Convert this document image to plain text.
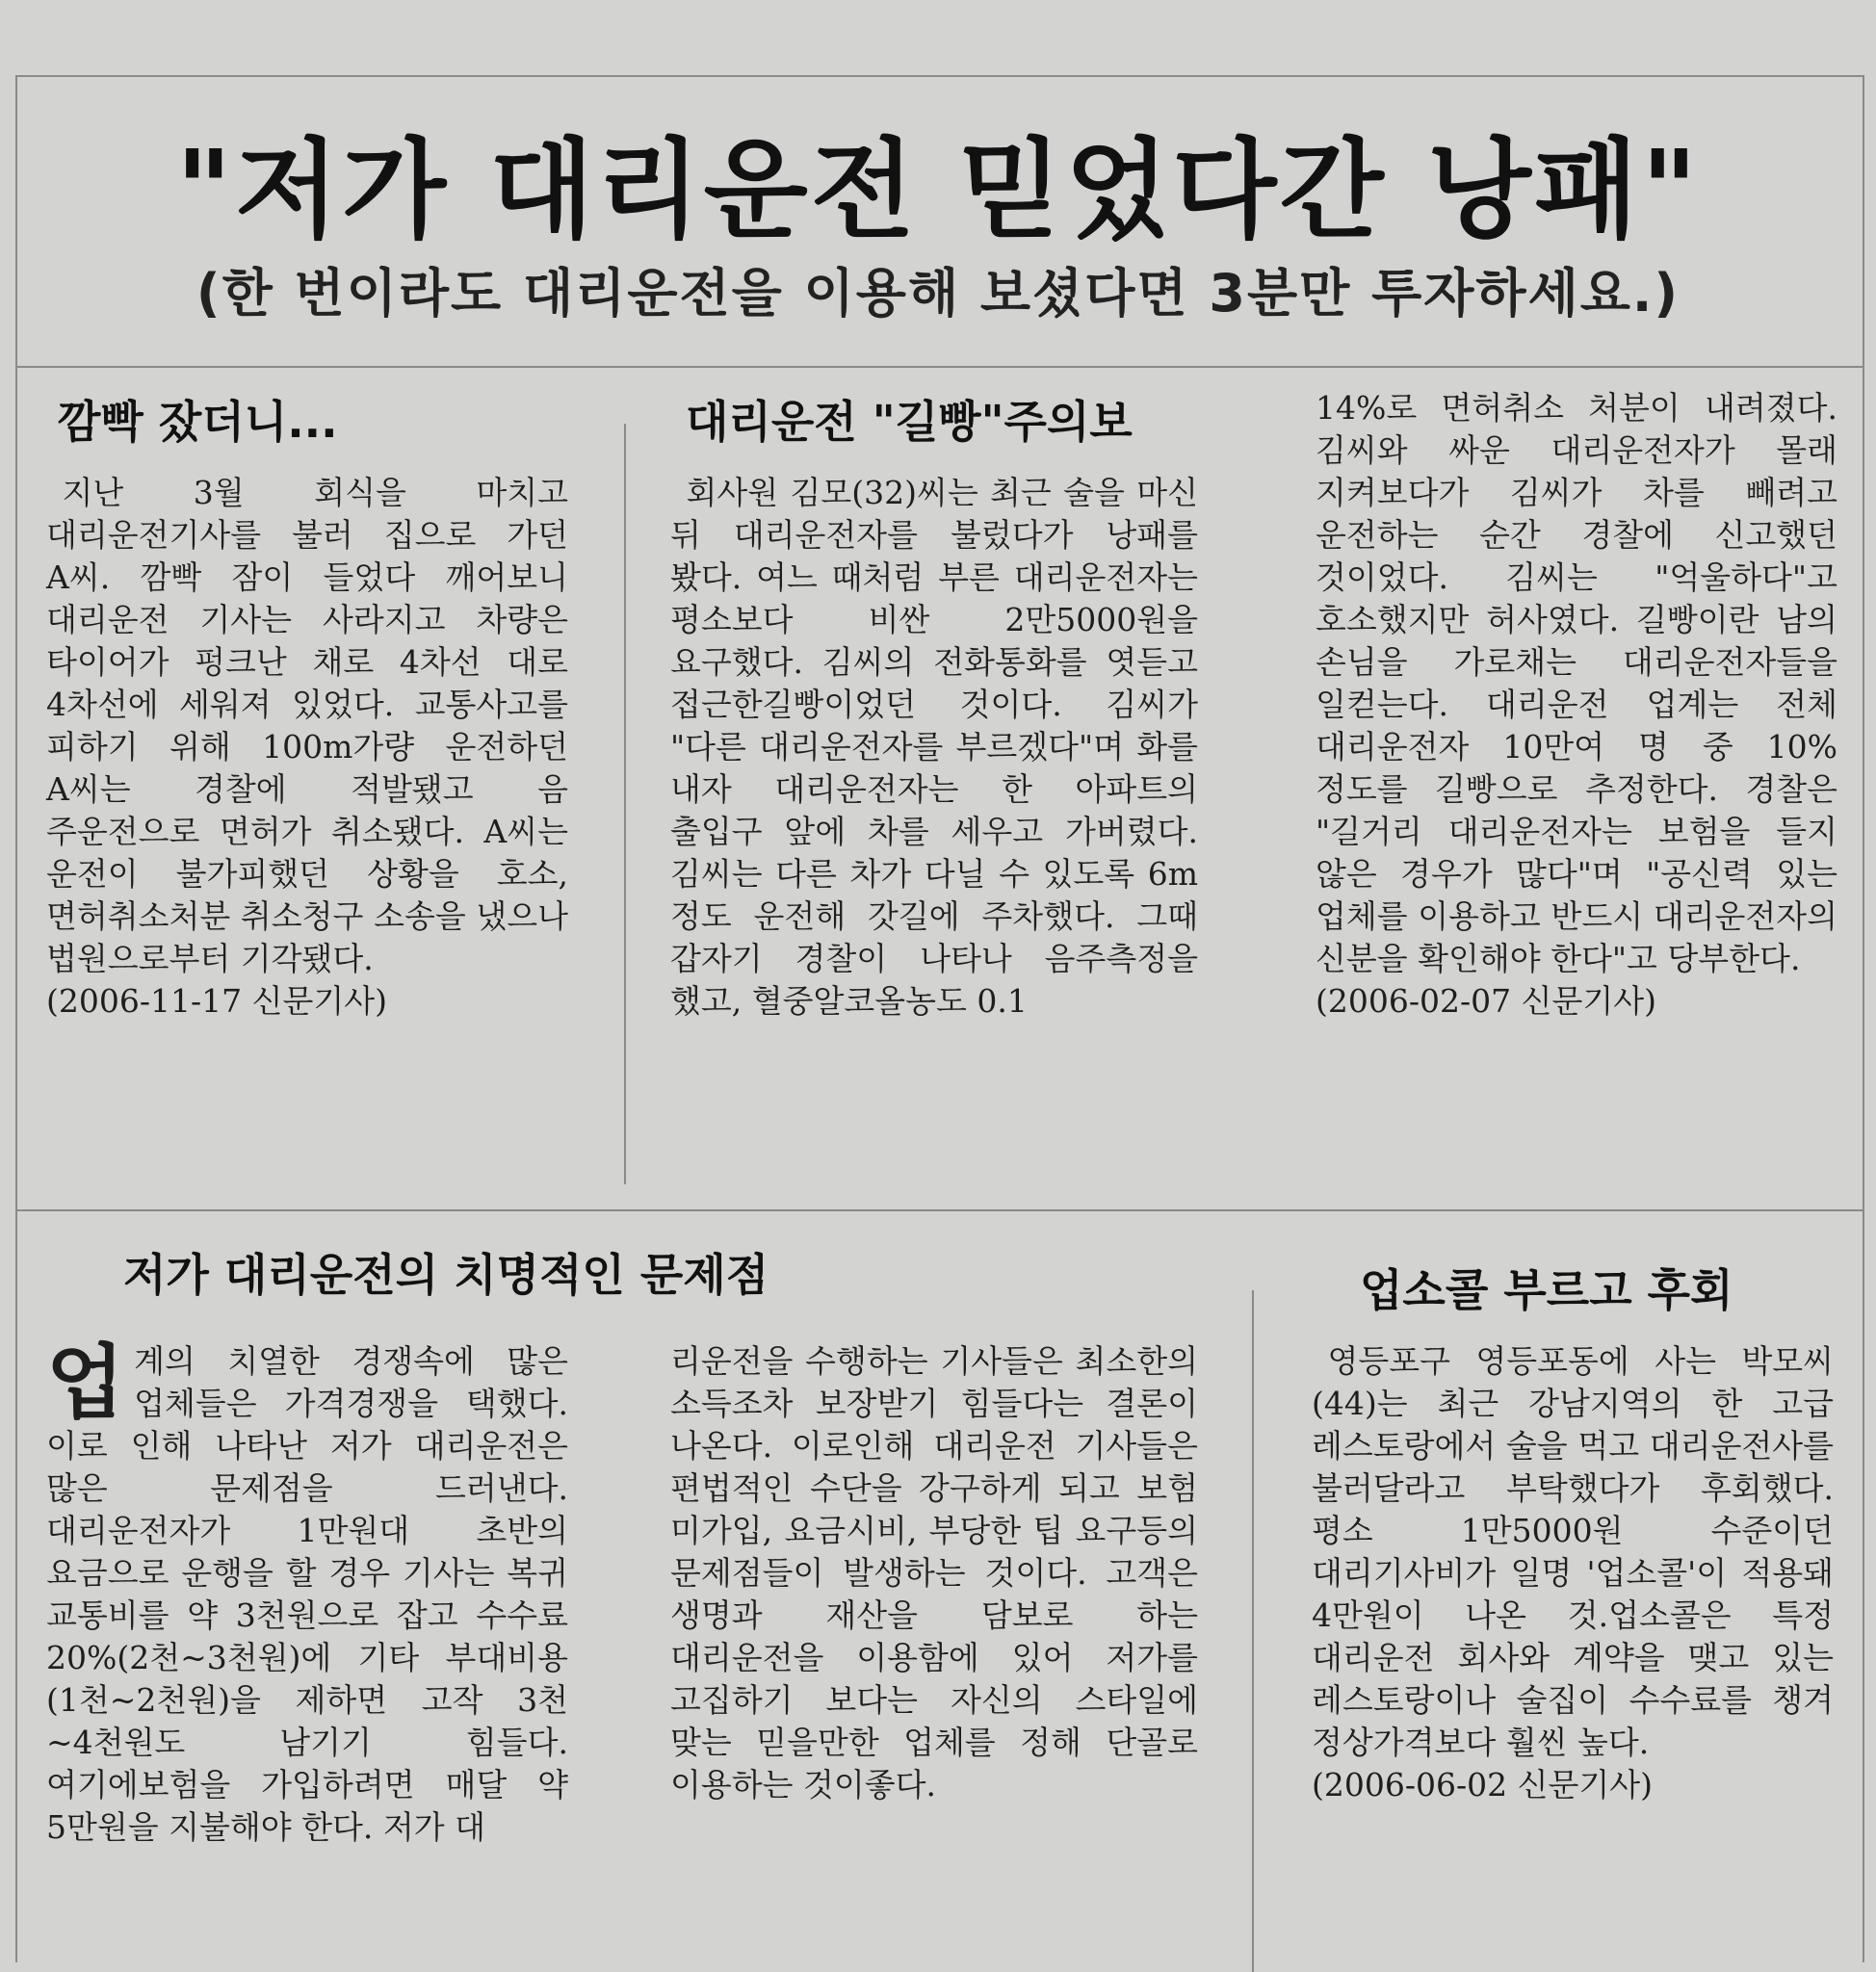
"저가 대리운전 믿었다간 낭패"
(한 번이라도 대리운전을 이용해 보셨다면 3분만 투자하세요.)
깜빡 잤더니...

지난 3월 회식을 마치고 대리운전기사를 불러 집으로 가던 A씨. 깜빡 잠이 들었다 깨어보니 대리운전 기사는 사라지고 차량은 타이어가 펑크난 채로 4차선 대로 4차선에 세워져 있었다. 교통사고를 피하기 위해 100m가량 운전하던 A씨는 경찰에 적발됐고 음 주운전으로 면허가 취소됐다. A씨는 운전이 불가피했던 상황을 호소, 면허취소처분 취소청구 소송을 냈으나 법원으로부터 기각됐다.

(2006-11-17 신문기사)
대리운전 "길빵"주의보

회사원 김모(32)씨는 최근 술을 마신 뒤 대리운전자를 불렀다가 낭패를 봤다. 여느 때처럼 부른 대리운전자는 평소보다 비싼 2만5000원을 요구했다. 김씨의 전화통화를 엿듣고 접근한길빵이었던 것이다. 김씨가 "다른 대리운전자를 부르겠다"며 화를 내자 대리운전자는 한 아파트의 출입구 앞에 차를 세우고 가버렸다. 김씨는 다른 차가 다닐 수 있도록 6m 정도 운전해 갓길에 주차했다. 그때 갑자기 경찰이 나타나 음주측정을 했고, 혈중알코올농도 0.1

14%로 면허취소 처분이 내려졌다. 김씨와 싸운 대리운전자가 몰래 지켜보다가 김씨가 차를 빼려고 운전하는 순간 경찰에 신고했던 것이었다. 김씨는 "억울하다"고 호소했지만 허사였다. 길빵이란 남의 손님을 가로채는 대리운전자들을 일컫는다. 대리운전 업계는 전체 대리운전자 10만여 명 중 10% 정도를 길빵으로 추정한다. 경찰은 "길거리 대리운전자는 보험을 들지 않은 경우가 많다"며 "공신력 있는 업체를 이용하고 반드시 대리운전자의 신분을 확인해야 한다"고 당부한다.

(2006-02-07 신문기사)
저가 대리운전의 치명적인 문제점
업 계의 치열한 경쟁속에 많은 업체들은 가격경쟁을 택했다. 이로 인해 나타난 저가 대리운전은 많은 문제점을 드러낸다. 대리운전자가 1만원대 초반의 요금으로 운행을 할 경우 기사는 복귀 교통비를 약 3천원으로 잡고 수수료 20%(2천~3천원)에 기타 부대비용(1천~2천원)을 제하면 고작 3천~4천원도 남기기 힘들다. 여기에보험을 가입하려면 매달 약 5만원을 지불해야 한다. 저가 대

리운전을 수행하는 기사들은 최소한의 소득조차 보장받기 힘들다는 결론이 나온다. 이로인해 대리운전 기사들은 편법적인 수단을 강구하게 되고 보험 미가입, 요금시비, 부당한 팁 요구등의 문제점들이 발생하는 것이다. 고객은 생명과 재산을 담보로 하는 대리운전을 이용함에 있어 저가를 고집하기 보다는 자신의 스타일에 맞는 믿을만한 업체를 정해 단골로 이용하는 것이좋다.

업소콜 부르고 후회

영등포구 영등포동에 사는 박모씨(44)는 최근 강남지역의 한 고급 레스토랑에서 술을 먹고 대리운전사를 불러달라고 부탁했다가 후회했다. 평소 1만5000원 수준이던 대리기사비가 일명 '업소콜'이 적용돼 4만원이 나온 것.업소콜은 특정 대리운전 회사와 계약을 맺고 있는 레스토랑이나 술집이 수수료를 챙겨 정상가격보다 훨씬 높다.

(2006-06-02 신문기사)
